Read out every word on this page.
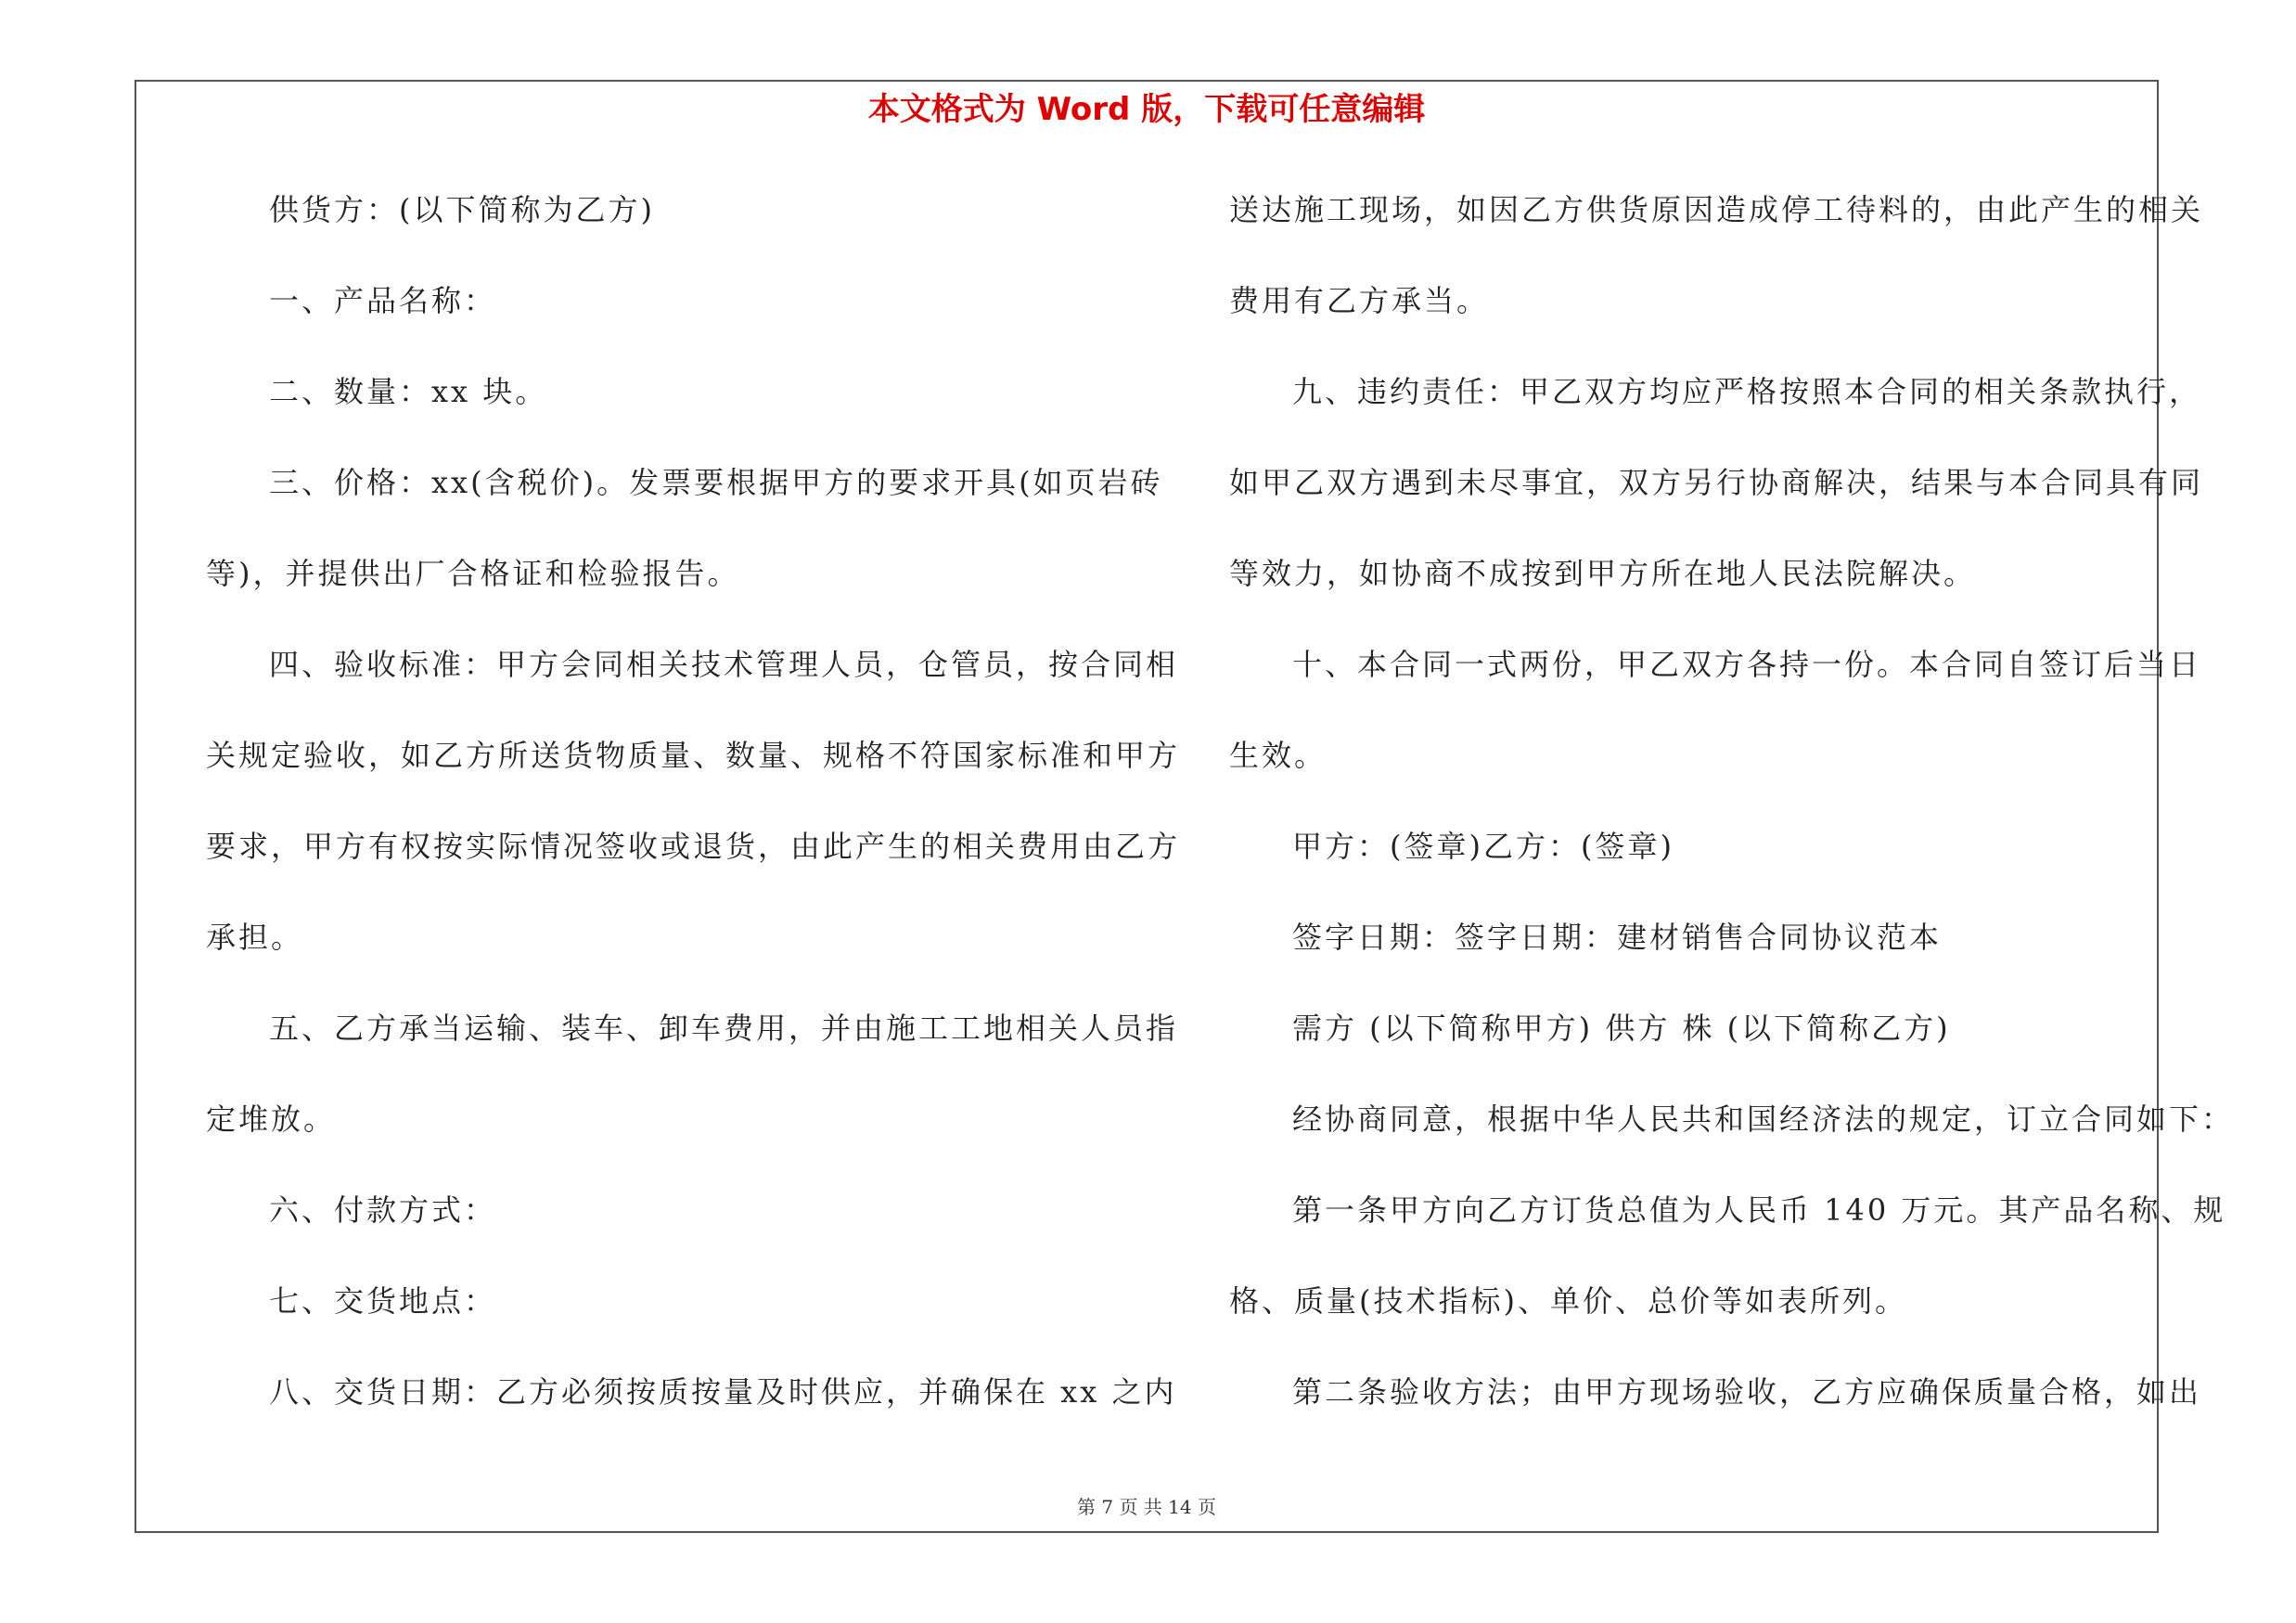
本文格式为 Word 版，下载可任意编辑
供货方：(以下简称为乙方)
一、产品名称：
二、数量：xx 块。
三、价格：xx(含税价)。发票要根据甲方的要求开具(如页岩砖
等)，并提供出厂合格证和检验报告。
四、验收标准：甲方会同相关技术管理人员，仓管员，按合同相
关规定验收，如乙方所送货物质量、数量、规格不符国家标准和甲方
要求，甲方有权按实际情况签收或退货，由此产生的相关费用由乙方
承担。
五、乙方承当运输、装车、卸车费用，并由施工工地相关人员指
定堆放。
六、付款方式：
七、交货地点：
八、交货日期：乙方必须按质按量及时供应，并确保在 xx 之内
送达施工现场，如因乙方供货原因造成停工待料的，由此产生的相关
费用有乙方承当。
九、违约责任：甲乙双方均应严格按照本合同的相关条款执行，
如甲乙双方遇到未尽事宜，双方另行协商解决，结果与本合同具有同
等效力，如协商不成按到甲方所在地人民法院解决。
十、本合同一式两份，甲乙双方各持一份。本合同自签订后当日
生效。
甲方：(签章)乙方：(签章)
签字日期：签字日期：建材销售合同协议范本
需方 (以下简称甲方) 供方 株 (以下简称乙方)
经协商同意，根据中华人民共和国经济法的规定，订立合同如下：
第一条甲方向乙方订货总值为人民币 140 万元。其产品名称、规
格、质量(技术指标)、单价、总价等如表所列。
第二条验收方法；由甲方现场验收，乙方应确保质量合格，如出
第 7 页 共 14 页
